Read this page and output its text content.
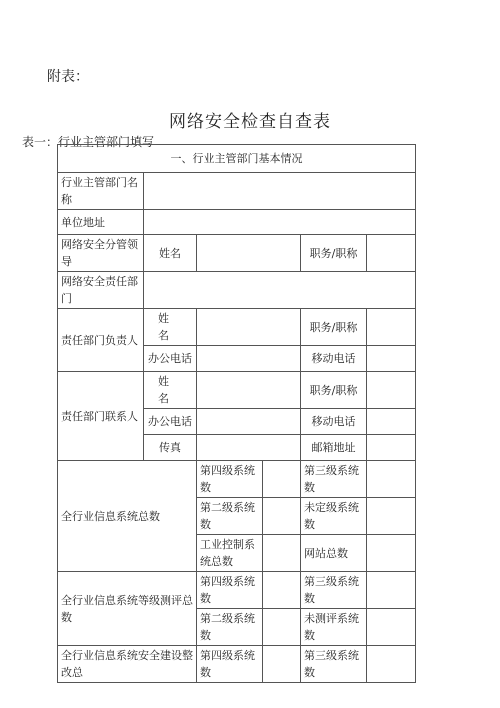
附表：
网络安全检查自查表
表一：行业主管部门填写
一、行业主管部门基本情况					
行业主管部门名称					
单位地址					
网络安全分管领导	姓名			职务/职称	
网络安全责任部门					
责任部门负责人	姓　　名			职务/职称	
	办公电话			移动电话	
责任部门联系人	姓　　名			职务/职称	
	办公电话			移动电话	
	传真			邮箱地址	
全行业信息系统总数		第四级系统数		第三级系统数	
		第二级系统数		未定级系统数	
		工业控制系统总数		网站总数	
全行业信息系统等级测评总数		第四级系统数		第三级系统数	
		第二级系统数		未测评系统数	
全行业信息系统安全建设整改总		第四级系统数		第三级系统数	
